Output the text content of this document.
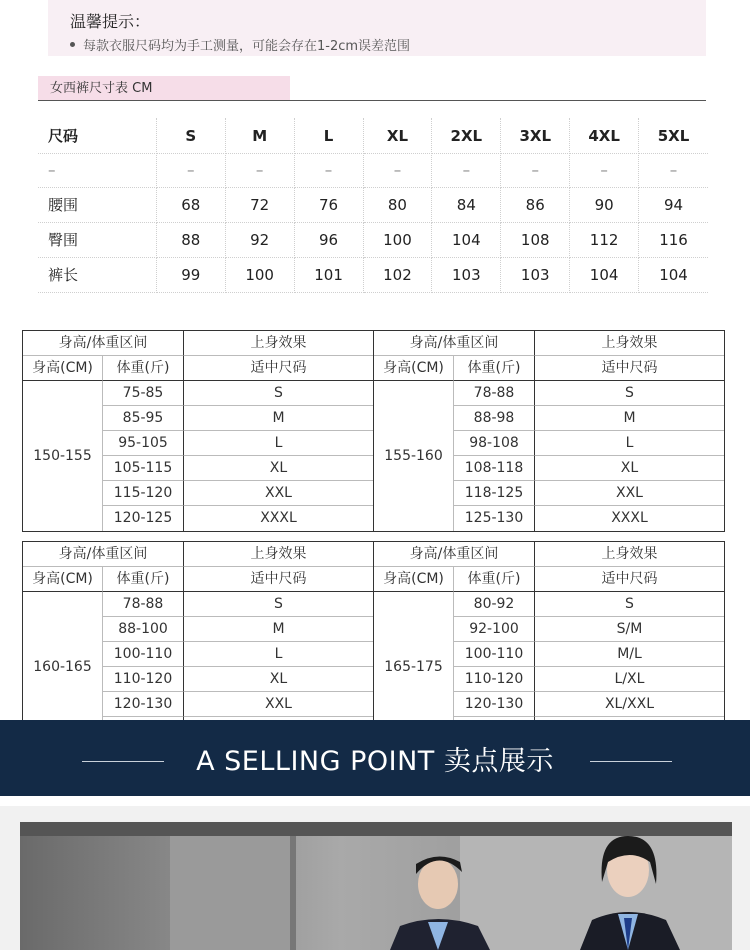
温馨提示：
每款衣服尺码均为手工测量，可能会存在1-2cm误差范围
女西裤尺寸表 CM
尺码	S	M	L	XL	2XL	3XL	4XL	5XL
–	–	–	–	–	–	–	–	–
腰围	68	72	76	80	84	86	90	94
臀围	88	92	96	100	104	108	112	116
裤长	99	100	101	102	103	103	104	104
身高/体重区间	上身效果
身高(CM)	体重(斤)	适中尺码
150-155
75-85	S
85-95	M
95-105	L
105-115	XL
115-120	XXL
120-125	XXXL
身高/体重区间	上身效果
身高(CM)	体重(斤)	适中尺码
155-160
78-88	S
88-98	M
98-108	L
108-118	XL
118-125	XXL
125-130	XXXL
身高/体重区间	上身效果
身高(CM)	体重(斤)	适中尺码
160-165
78-88	S
88-100	M
100-110	L
110-120	XL
120-130	XXL
身高/体重区间	上身效果
身高(CM)	体重(斤)	适中尺码
165-175
80-92	S
92-100	S/M
100-110	M/L
110-120	L/XL
120-130	XL/XXL
A SELLING POINT 卖点展示
